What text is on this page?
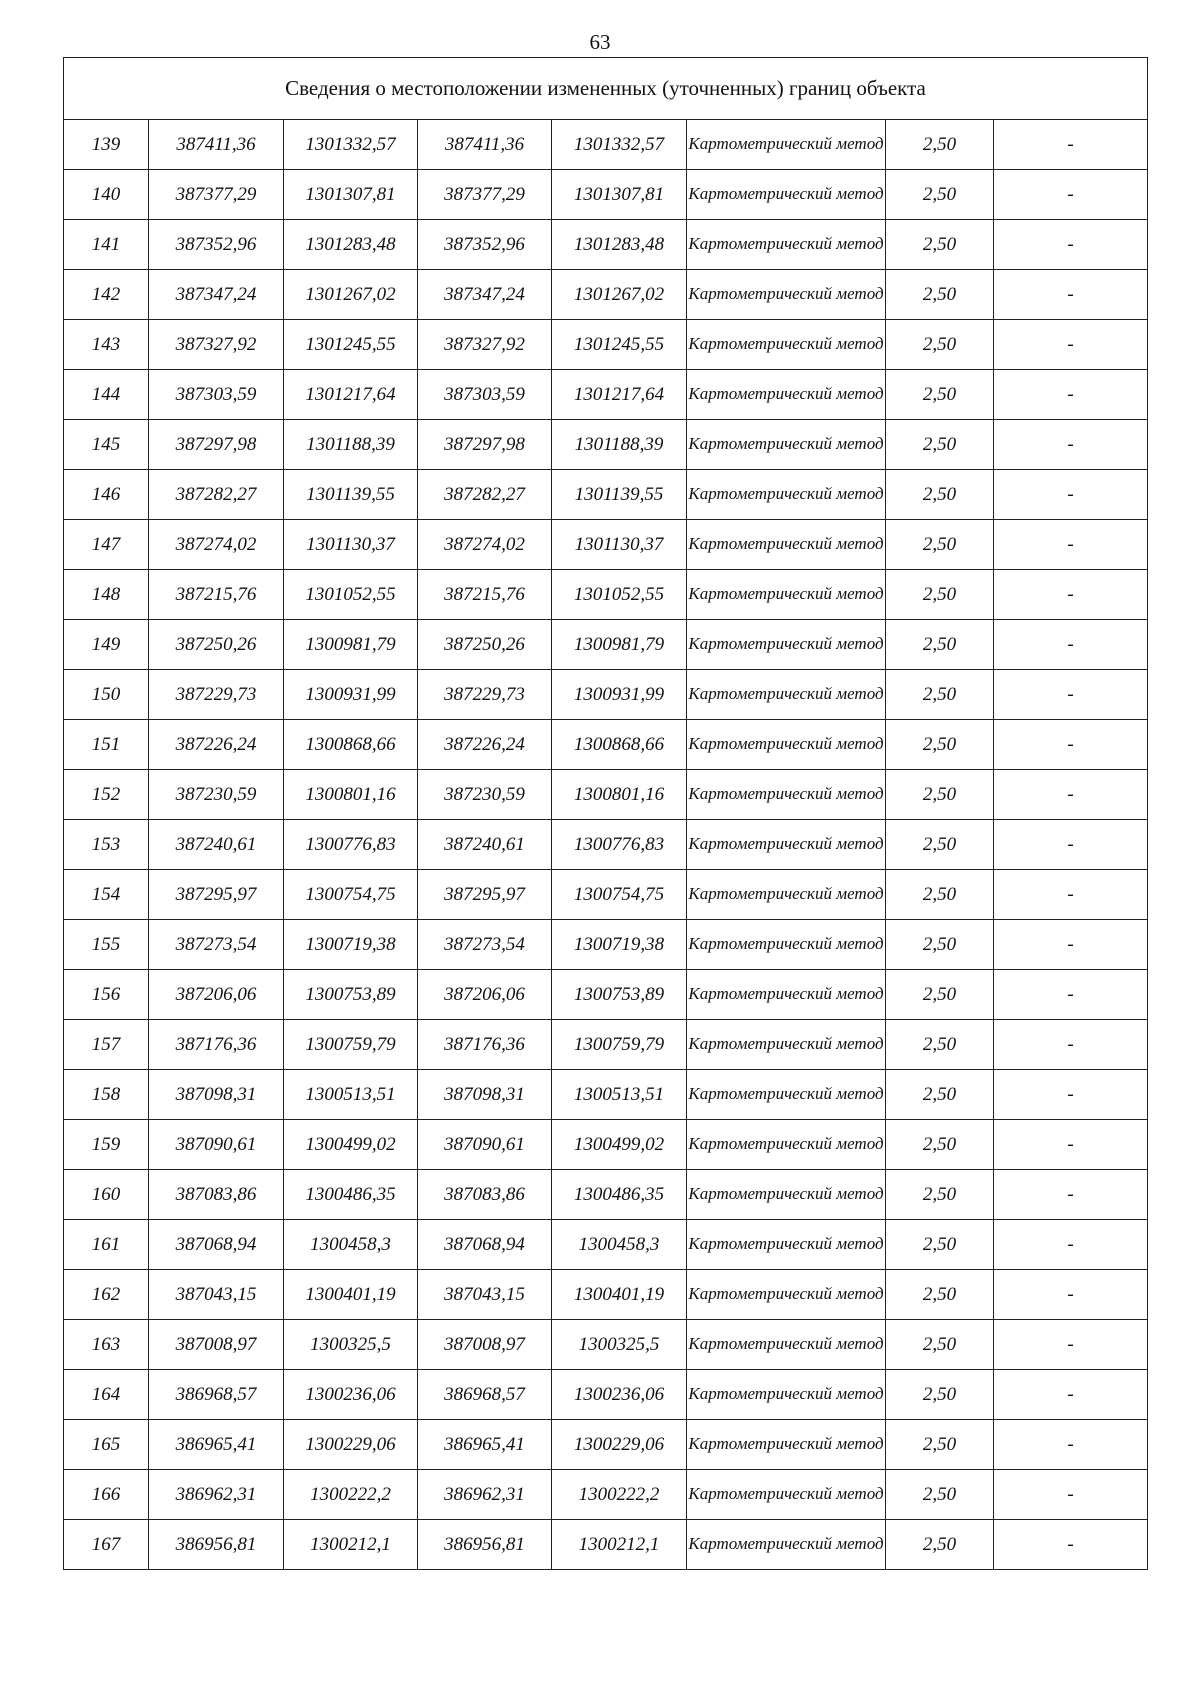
63
Сведения о местоположении измененных (уточненных) границ объекта							
139	387411,36	1301332,57	387411,36	1301332,57	Картометрический метод	2,50	-
140	387377,29	1301307,81	387377,29	1301307,81	Картометрический метод	2,50	-
141	387352,96	1301283,48	387352,96	1301283,48	Картометрический метод	2,50	-
142	387347,24	1301267,02	387347,24	1301267,02	Картометрический метод	2,50	-
143	387327,92	1301245,55	387327,92	1301245,55	Картометрический метод	2,50	-
144	387303,59	1301217,64	387303,59	1301217,64	Картометрический метод	2,50	-
145	387297,98	1301188,39	387297,98	1301188,39	Картометрический метод	2,50	-
146	387282,27	1301139,55	387282,27	1301139,55	Картометрический метод	2,50	-
147	387274,02	1301130,37	387274,02	1301130,37	Картометрический метод	2,50	-
148	387215,76	1301052,55	387215,76	1301052,55	Картометрический метод	2,50	-
149	387250,26	1300981,79	387250,26	1300981,79	Картометрический метод	2,50	-
150	387229,73	1300931,99	387229,73	1300931,99	Картометрический метод	2,50	-
151	387226,24	1300868,66	387226,24	1300868,66	Картометрический метод	2,50	-
152	387230,59	1300801,16	387230,59	1300801,16	Картометрический метод	2,50	-
153	387240,61	1300776,83	387240,61	1300776,83	Картометрический метод	2,50	-
154	387295,97	1300754,75	387295,97	1300754,75	Картометрический метод	2,50	-
155	387273,54	1300719,38	387273,54	1300719,38	Картометрический метод	2,50	-
156	387206,06	1300753,89	387206,06	1300753,89	Картометрический метод	2,50	-
157	387176,36	1300759,79	387176,36	1300759,79	Картометрический метод	2,50	-
158	387098,31	1300513,51	387098,31	1300513,51	Картометрический метод	2,50	-
159	387090,61	1300499,02	387090,61	1300499,02	Картометрический метод	2,50	-
160	387083,86	1300486,35	387083,86	1300486,35	Картометрический метод	2,50	-
161	387068,94	1300458,3	387068,94	1300458,3	Картометрический метод	2,50	-
162	387043,15	1300401,19	387043,15	1300401,19	Картометрический метод	2,50	-
163	387008,97	1300325,5	387008,97	1300325,5	Картометрический метод	2,50	-
164	386968,57	1300236,06	386968,57	1300236,06	Картометрический метод	2,50	-
165	386965,41	1300229,06	386965,41	1300229,06	Картометрический метод	2,50	-
166	386962,31	1300222,2	386962,31	1300222,2	Картометрический метод	2,50	-
167	386956,81	1300212,1	386956,81	1300212,1	Картометрический метод	2,50	-
